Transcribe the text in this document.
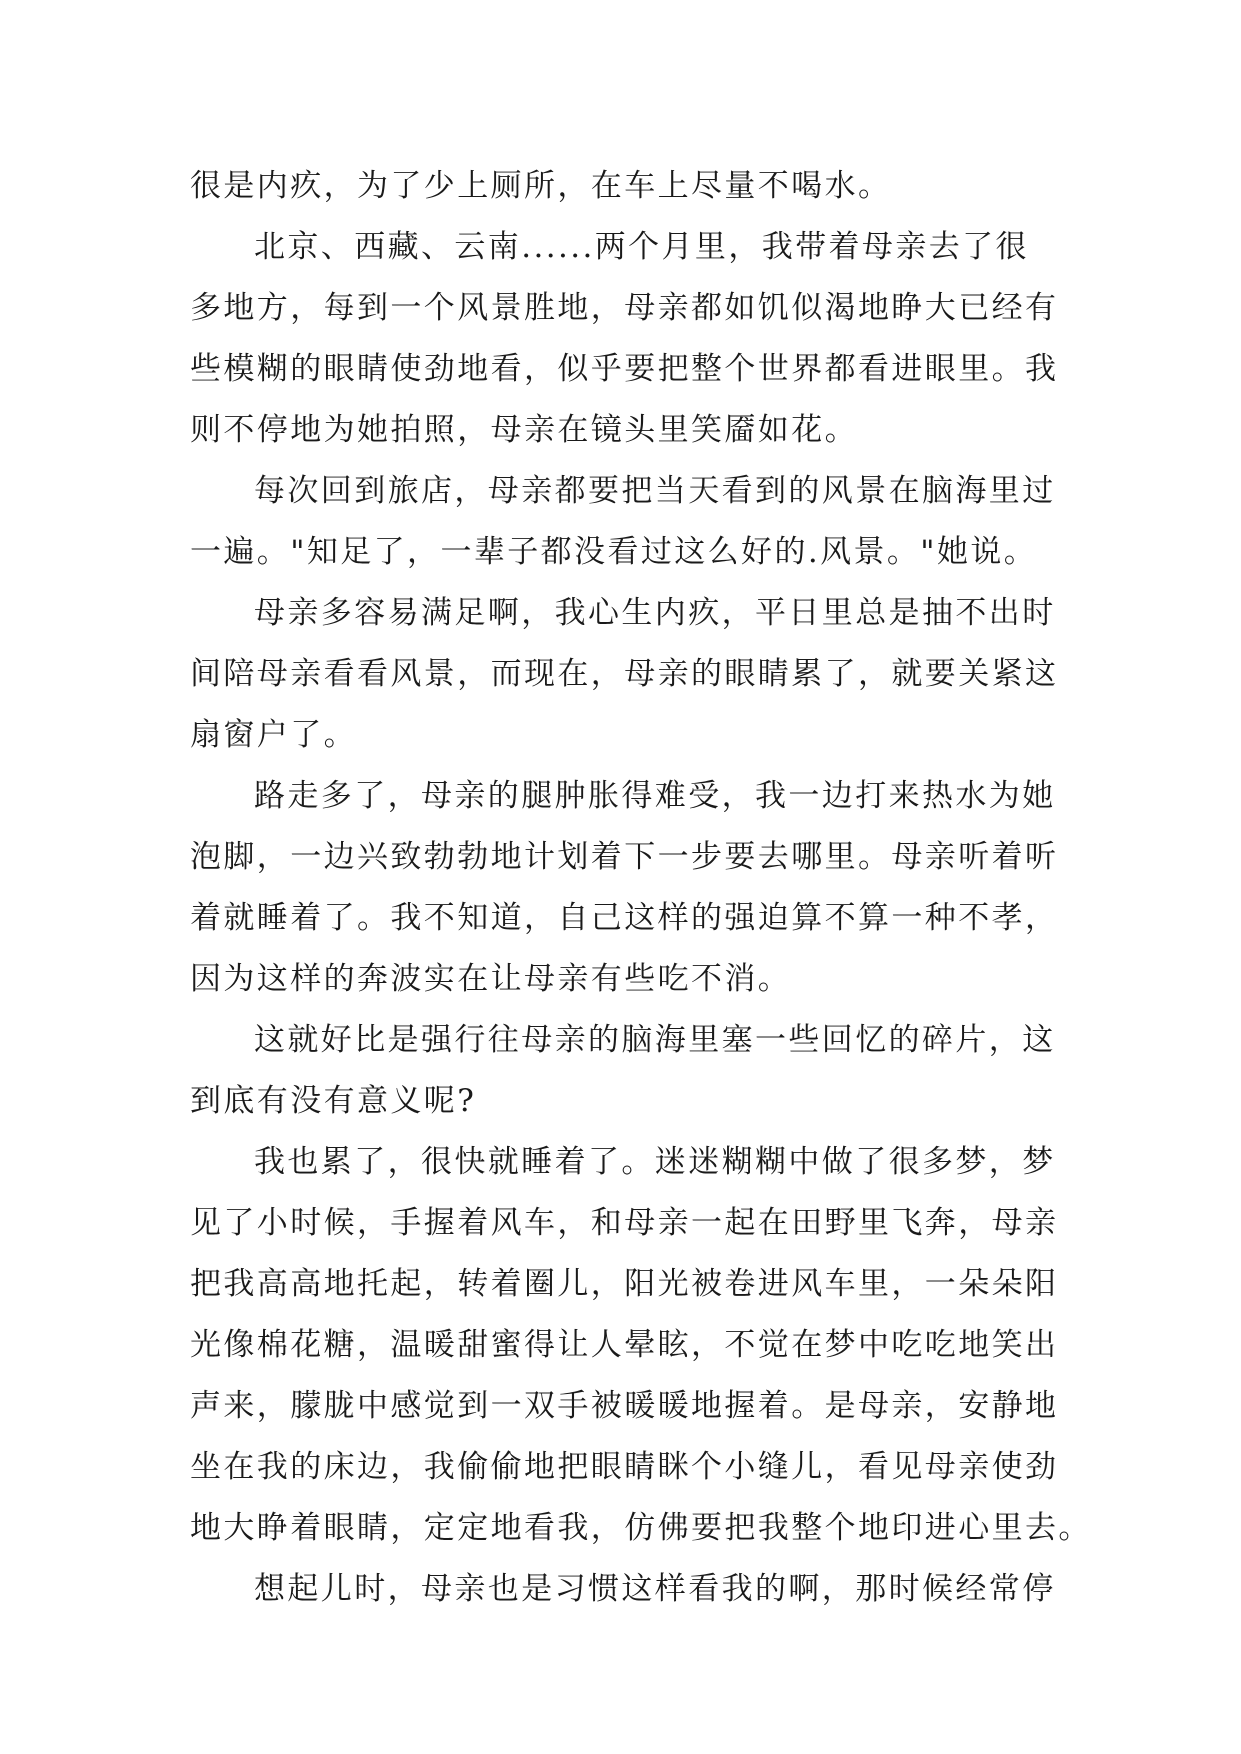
很是内疚，为了少上厕所，在车上尽量不喝水。
北京、西藏、云南......两个月里，我带着母亲去了很
多地方，每到一个风景胜地，母亲都如饥似渴地睁大已经有
些模糊的眼睛使劲地看，似乎要把整个世界都看进眼里。我
则不停地为她拍照，母亲在镜头里笑靥如花。
每次回到旅店，母亲都要把当天看到的风景在脑海里过
一遍。"知足了，一辈子都没看过这么好的.风景。"她说。
母亲多容易满足啊，我心生内疚，平日里总是抽不出时
间陪母亲看看风景，而现在，母亲的眼睛累了，就要关紧这
扇窗户了。
路走多了，母亲的腿肿胀得难受，我一边打来热水为她
泡脚，一边兴致勃勃地计划着下一步要去哪里。母亲听着听
着就睡着了。我不知道，自己这样的强迫算不算一种不孝，
因为这样的奔波实在让母亲有些吃不消。
这就好比是强行往母亲的脑海里塞一些回忆的碎片，这
到底有没有意义呢?
我也累了，很快就睡着了。迷迷糊糊中做了很多梦，梦
见了小时候，手握着风车，和母亲一起在田野里飞奔，母亲
把我高高地托起，转着圈儿，阳光被卷进风车里，一朵朵阳
光像棉花糖，温暖甜蜜得让人晕眩，不觉在梦中吃吃地笑出
声来，朦胧中感觉到一双手被暖暖地握着。是母亲，安静地
坐在我的床边，我偷偷地把眼睛眯个小缝儿，看见母亲使劲
地大睁着眼睛，定定地看我，仿佛要把我整个地印进心里去。
想起儿时，母亲也是习惯这样看我的啊，那时候经常停
